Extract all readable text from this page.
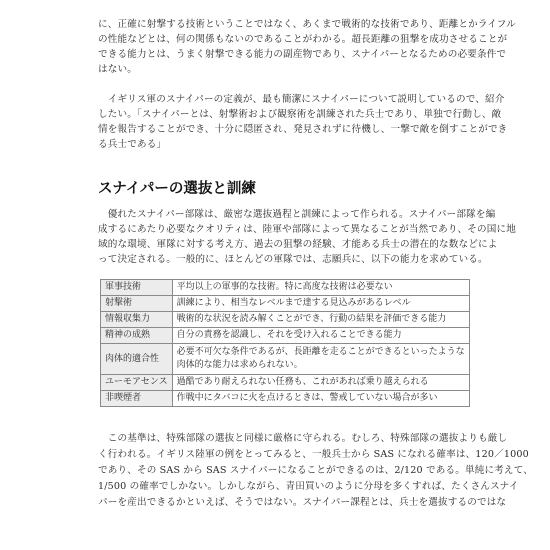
に、正確に射撃する技術ということではなく、あくまで戦術的な技術であり、距離とかライフル
の性能などとは、何の関係もないのであることがわかる。超長距離の狙撃を成功させることが
できる能力とは、うまく射撃できる能力の副産物であり、スナイパーとなるための必要条件で
はない。
　イギリス軍のスナイパーの定義が、最も簡潔にスナイパーについて説明しているので、紹介
したい。「スナイパーとは、射撃術および観察術を訓練された兵士であり、単独で行動し、敵
情を報告することができ、十分に隠匿され、発見されずに待機し、一撃で敵を倒すことができ
る兵士である」
スナイパーの選抜と訓練
　優れたスナイパー部隊は、厳密な選抜過程と訓練によって作られる。スナイパー部隊を編
成するにあたり必要なクオリティは、陸軍や部隊によって異なることが当然であり、その国に地
域的な環境、軍隊に対する考え方、過去の狙撃の経験、才能ある兵士の潜在的な数などによ
って決定される。一般的に、ほとんどの軍隊では、志願兵に、以下の能力を求めている。
軍事技術	平均以上の軍事的な技術。特に高度な技術は必要ない
射撃術	訓練により、相当なレベルまで達する見込みがあるレベル
情報収集力	戦術的な状況を読み解くことができ、行動の結果を評価できる能力
精神の成熟	自分の責務を認識し、それを受け入れることできる能力
肉体的適合性	必要不可欠な条件であるが、長距離を走ることができるといったような
肉体的な能力は求められない。

ユーモアセンス	過酷であり耐えられない任務も、これがあれば乗り越えられる
非喫煙者	作戦中にタバコに火を点けるときは、警戒していない場合が多い
　この基準は、特殊部隊の選抜と同様に厳格に守られる。むしろ、特殊部隊の選抜よりも厳し
く行われる。イギリス陸軍の例をとってみると、一般兵士から SAS になれる確率は、120／1000
であり、その SAS から SAS スナイパーになることができるのは、2/120 である。単純に考えて、
1/500 の確率でしかない。しかしながら、青田買いのように分母を多くすれば、たくさんスナイ
パーを産出できるかといえば、そうではない。スナイパー課程とは、兵士を選抜するのではな
